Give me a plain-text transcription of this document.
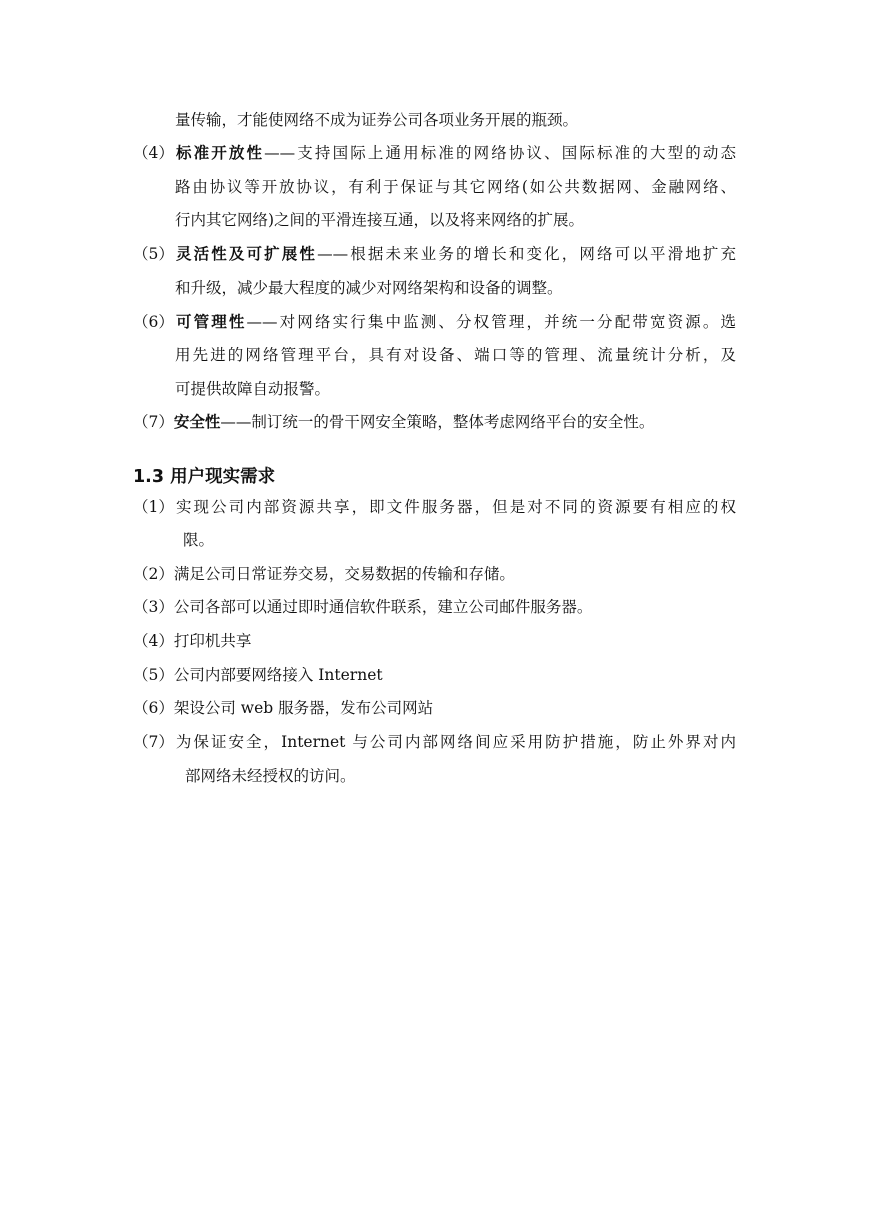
量传输，才能使网络不成为证券公司各项业务开展的瓶颈。
（4）标准开放性——支持国际上通用标准的网络协议、国际标准的大型的动态
路由协议等开放协议，有利于保证与其它网络(如公共数据网、金融网络、
行内其它网络)之间的平滑连接互通，以及将来网络的扩展。
（5）灵活性及可扩展性——根据未来业务的增长和变化，网络可以平滑地扩充
和升级，减少最大程度的减少对网络架构和设备的调整。
（6）可管理性——对网络实行集中监测、分权管理，并统一分配带宽资源。选
用先进的网络管理平台，具有对设备、端口等的管理、流量统计分析，及
可提供故障自动报警。
（7）安全性——制订统一的骨干网安全策略，整体考虑网络平台的安全性。
1.3 用户现实需求
（1）实现公司内部资源共享，即文件服务器，但是对不同的资源要有相应的权
限。
（2）满足公司日常证券交易，交易数据的传输和存储。
（3）公司各部可以通过即时通信软件联系，建立公司邮件服务器。
（4）打印机共享
（5）公司内部要网络接入 Internet
（6）架设公司 web 服务器，发布公司网站
（7）为保证安全，Internet 与公司内部网络间应采用防护措施，防止外界对内
部网络未经授权的访问。
